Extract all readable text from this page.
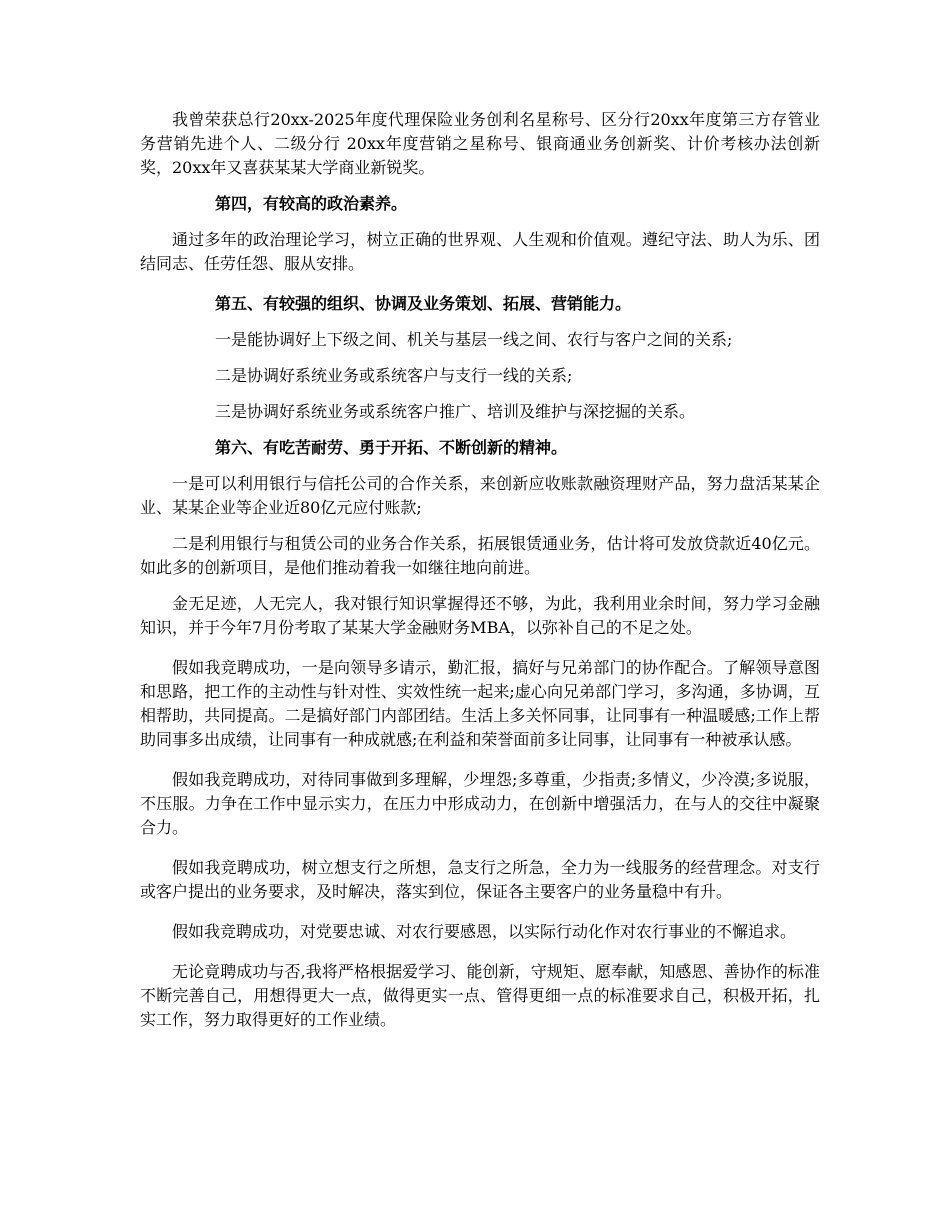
我曾荣获总行20xx-2025年度代理保险业务创利名星称号、区分行20xx年度第三方存管业务营销先进个人、二级分行 20xx年度营销之星称号、银商通业务创新奖、计价考核办法创新奖，20xx年又喜获某某大学商业新锐奖。

第四，有较高的政治素养。

通过多年的政治理论学习，树立正确的世界观、人生观和价值观。遵纪守法、助人为乐、团结同志、任劳任怨、服从安排。

第五、有较强的组织、协调及业务策划、拓展、营销能力。

一是能协调好上下级之间、机关与基层一线之间、农行与客户之间的关系;

二是协调好系统业务或系统客户与支行一线的关系;

三是协调好系统业务或系统客户推广、培训及维护与深挖掘的关系。

第六、有吃苦耐劳、勇于开拓、不断创新的精神。

一是可以利用银行与信托公司的合作关系，来创新应收账款融资理财产品，努力盘活某某企业、某某企业等企业近80亿元应付账款;

二是利用银行与租赁公司的业务合作关系，拓展银赁通业务，估计将可发放贷款近40亿元。如此多的创新项目，是他们推动着我一如继往地向前进。

金无足迹，人无完人，我对银行知识掌握得还不够，为此，我利用业余时间，努力学习金融知识，并于今年7月份考取了某某大学金融财务MBA，以弥补自己的不足之处。

假如我竞聘成功，一是向领导多请示，勤汇报，搞好与兄弟部门的协作配合。了解领导意图和思路，把工作的主动性与针对性、实效性统一起来;虚心向兄弟部门学习，多沟通，多协调，互相帮助，共同提高。二是搞好部门内部团结。生活上多关怀同事，让同事有一种温暖感;工作上帮助同事多出成绩，让同事有一种成就感;在利益和荣誉面前多让同事，让同事有一种被承认感。

假如我竞聘成功，对待同事做到多理解，少埋怨;多尊重，少指责;多情义，少冷漠;多说服，不压服。力争在工作中显示实力，在压力中形成动力，在创新中增强活力，在与人的交往中凝聚合力。

假如我竞聘成功，树立想支行之所想，急支行之所急，全力为一线服务的经营理念。对支行或客户提出的业务要求，及时解决，落实到位，保证各主要客户的业务量稳中有升。

假如我竞聘成功，对党要忠诚、对农行要感恩，以实际行动化作对农行事业的不懈追求。

无论竟聘成功与否,我将严格根据爱学习、能创新，守规矩、愿奉献，知感恩、善协作的标准不断完善自己，用想得更大一点，做得更实一点、管得更细一点的标准要求自己，积极开拓，扎实工作，努力取得更好的工作业绩。
